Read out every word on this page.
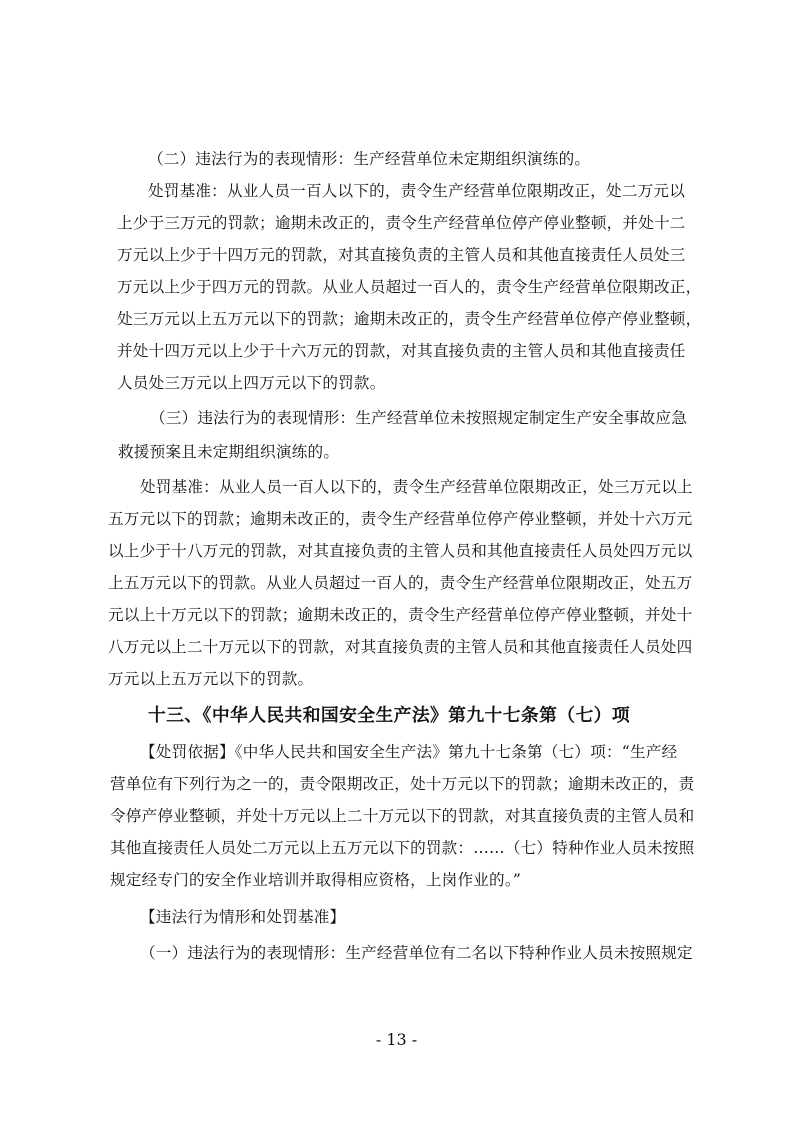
（二）违法行为的表现情形：生产经营单位未定期组织演练的。
处罚基准：从业人员一百人以下的，责令生产经营单位限期改正，处二万元以
上少于三万元的罚款；逾期未改正的，责令生产经营单位停产停业整顿，并处十二
万元以上少于十四万元的罚款，对其直接负责的主管人员和其他直接责任人员处三
万元以上少于四万元的罚款。从业人员超过一百人的，责令生产经营单位限期改正，
处三万元以上五万元以下的罚款；逾期未改正的，责令生产经营单位停产停业整顿，
并处十四万元以上少于十六万元的罚款，对其直接负责的主管人员和其他直接责任
人员处三万元以上四万元以下的罚款。
（三）违法行为的表现情形：生产经营单位未按照规定制定生产安全事故应急
救援预案且未定期组织演练的。
处罚基准：从业人员一百人以下的，责令生产经营单位限期改正，处三万元以上
五万元以下的罚款；逾期未改正的，责令生产经营单位停产停业整顿，并处十六万元
以上少于十八万元的罚款，对其直接负责的主管人员和其他直接责任人员处四万元以
上五万元以下的罚款。从业人员超过一百人的，责令生产经营单位限期改正，处五万
元以上十万元以下的罚款；逾期未改正的，责令生产经营单位停产停业整顿，并处十
八万元以上二十万元以下的罚款，对其直接负责的主管人员和其他直接责任人员处四
万元以上五万元以下的罚款。
十三、《中华人民共和国安全生产法》第九十七条第（七）项
【处罚依据】《中华人民共和国安全生产法》第九十七条第（七）项：“生产经
营单位有下列行为之一的，责令限期改正，处十万元以下的罚款；逾期未改正的，责
令停产停业整顿，并处十万元以上二十万元以下的罚款，对其直接负责的主管人员和
其他直接责任人员处二万元以上五万元以下的罚款：……（七）特种作业人员未按照
规定经专门的安全作业培训并取得相应资格，上岗作业的。”
【违法行为情形和处罚基准】
（一）违法行为的表现情形：生产经营单位有二名以下特种作业人员未按照规定
- 13 -
